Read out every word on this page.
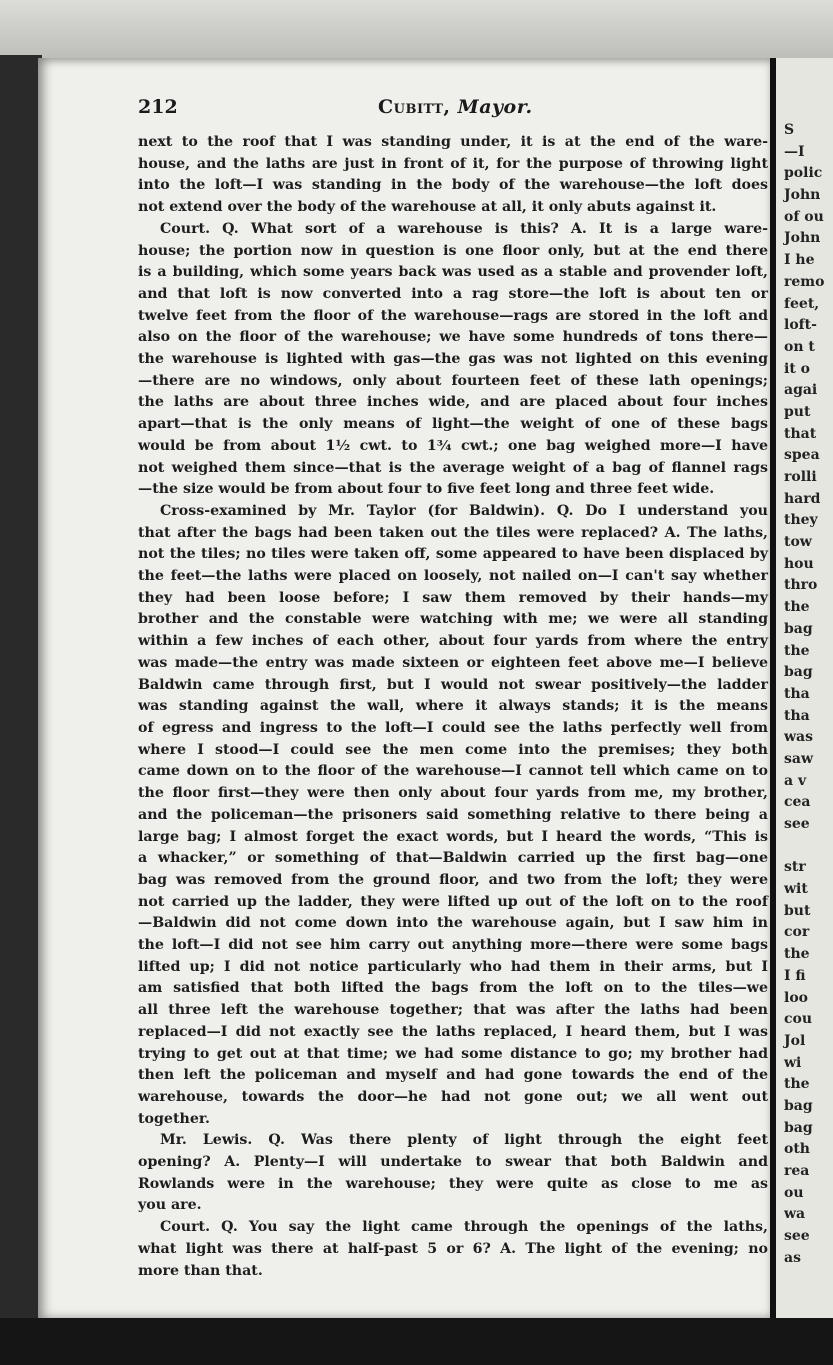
212	Cubitt, Mayor.
next to the roof that I was standing under, it is at the end of the ware-
house, and the laths are just in front of it, for the purpose of throwing light
into the loft—I was standing in the body of the warehouse—the loft does
not extend over the body of the warehouse at all, it only abuts against it.
Court. Q. What sort of a warehouse is this? A. It is a large ware-
house; the portion now in question is one floor only, but at the end there
is a building, which some years back was used as a stable and provender loft,
and that loft is now converted into a rag store—the loft is about ten or
twelve feet from the floor of the warehouse—rags are stored in the loft and
also on the floor of the warehouse; we have some hundreds of tons there—
the warehouse is lighted with gas—the gas was not lighted on this evening
—there are no windows, only about fourteen feet of these lath openings;
the laths are about three inches wide, and are placed about four inches
apart—that is the only means of light—the weight of one of these bags
would be from about 1½ cwt. to 1¾ cwt.; one bag weighed more—I have
not weighed them since—that is the average weight of a bag of flannel rags
—the size would be from about four to five feet long and three feet wide.
Cross-examined by Mr. Taylor (for Baldwin). Q. Do I understand you
that after the bags had been taken out the tiles were replaced? A. The laths,
not the tiles; no tiles were taken off, some appeared to have been displaced by
the feet—the laths were placed on loosely, not nailed on—I can't say whether
they had been loose before; I saw them removed by their hands—my
brother and the constable were watching with me; we were all standing
within a few inches of each other, about four yards from where the entry
was made—the entry was made sixteen or eighteen feet above me—I believe
Baldwin came through first, but I would not swear positively—the ladder
was standing against the wall, where it always stands; it is the means
of egress and ingress to the loft—I could see the laths perfectly well from
where I stood—I could see the men come into the premises; they both
came down on to the floor of the warehouse—I cannot tell which came on to
the floor first—they were then only about four yards from me, my brother,
and the policeman—the prisoners said something relative to there being a
large bag; I almost forget the exact words, but I heard the words, “This is
a whacker,” or something of that—Baldwin carried up the first bag—one
bag was removed from the ground floor, and two from the loft; they were
not carried up the ladder, they were lifted up out of the loft on to the roof
—Baldwin did not come down into the warehouse again, but I saw him in
the loft—I did not see him carry out anything more—there were some bags
lifted up; I did not notice particularly who had them in their arms, but I
am satisfied that both lifted the bags from the loft on to the tiles—we
all three left the warehouse together; that was after the laths had been
replaced—I did not exactly see the laths replaced, I heard them, but I was
trying to get out at that time; we had some distance to go; my brother had
then left the policeman and myself and had gone towards the end of the
warehouse, towards the door—he had not gone out; we all went out
together.
Mr. Lewis. Q. Was there plenty of light through the eight feet
opening? A. Plenty—I will undertake to swear that both Baldwin and
Rowlands were in the warehouse; they were quite as close to me as
you are.
Court. Q. You say the light came through the openings of the laths,
what light was there at half-past 5 or 6? A. The light of the evening; no
more than that.
S
—I
polic
John
of ou
John
I he
remo
feet,
loft-
on t
it o
agai
put
that
spea
rolli
hard
they
tow
hou
thro
the
bag
the
bag
tha
tha
was
saw
a v
cea
see
str
wit
but
cor
the
I fi
loo
cou
Jol
wi
the
bag
bag
oth
rea
ou
wa
see
as
